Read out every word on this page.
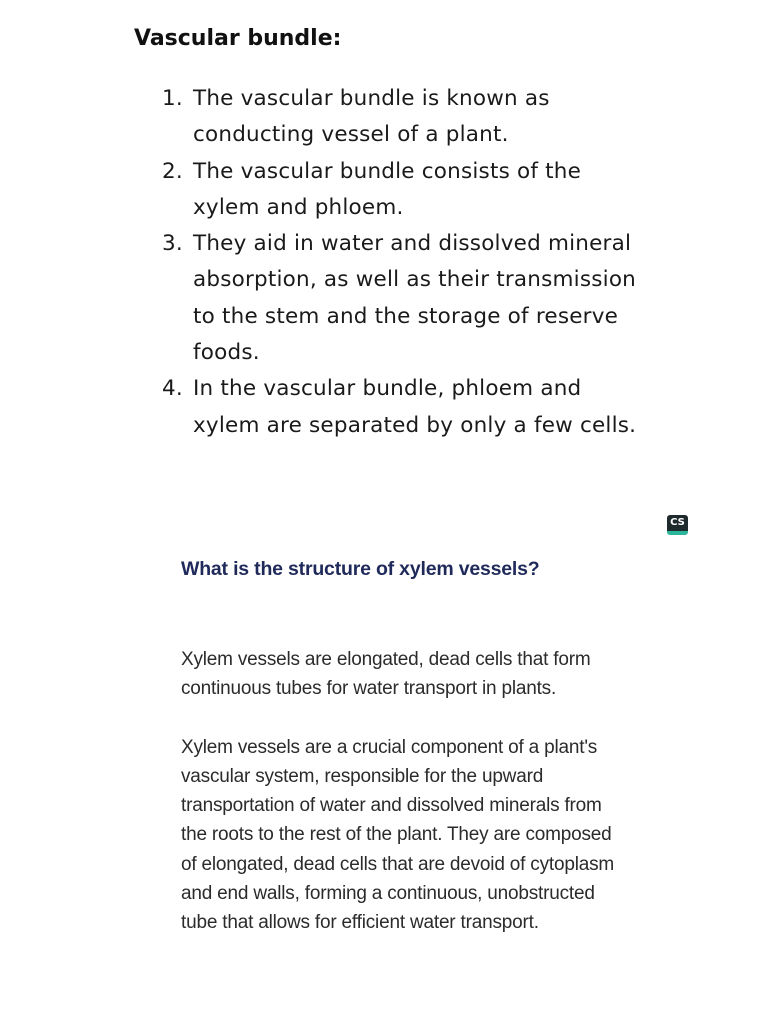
Vascular bundle:
1. The vascular bundle is known as conducting vessel of a plant.
2. The vascular bundle consists of the xylem and phloem.
3. They aid in water and dissolved mineral absorption, as well as their transmission to the stem and the storage of reserve foods.
4. In the vascular bundle, phloem and xylem are separated by only a few cells.
CS
What is the structure of xylem vessels?

Xylem vessels are elongated, dead cells that form continuous tubes for water transport in plants.

Xylem vessels are a crucial component of a plant's vascular system, responsible for the upward transportation of water and dissolved minerals from the roots to the rest of the plant. They are composed of elongated, dead cells that are devoid of cytoplasm and end walls, forming a continuous, unobstructed tube that allows for efficient water transport.
